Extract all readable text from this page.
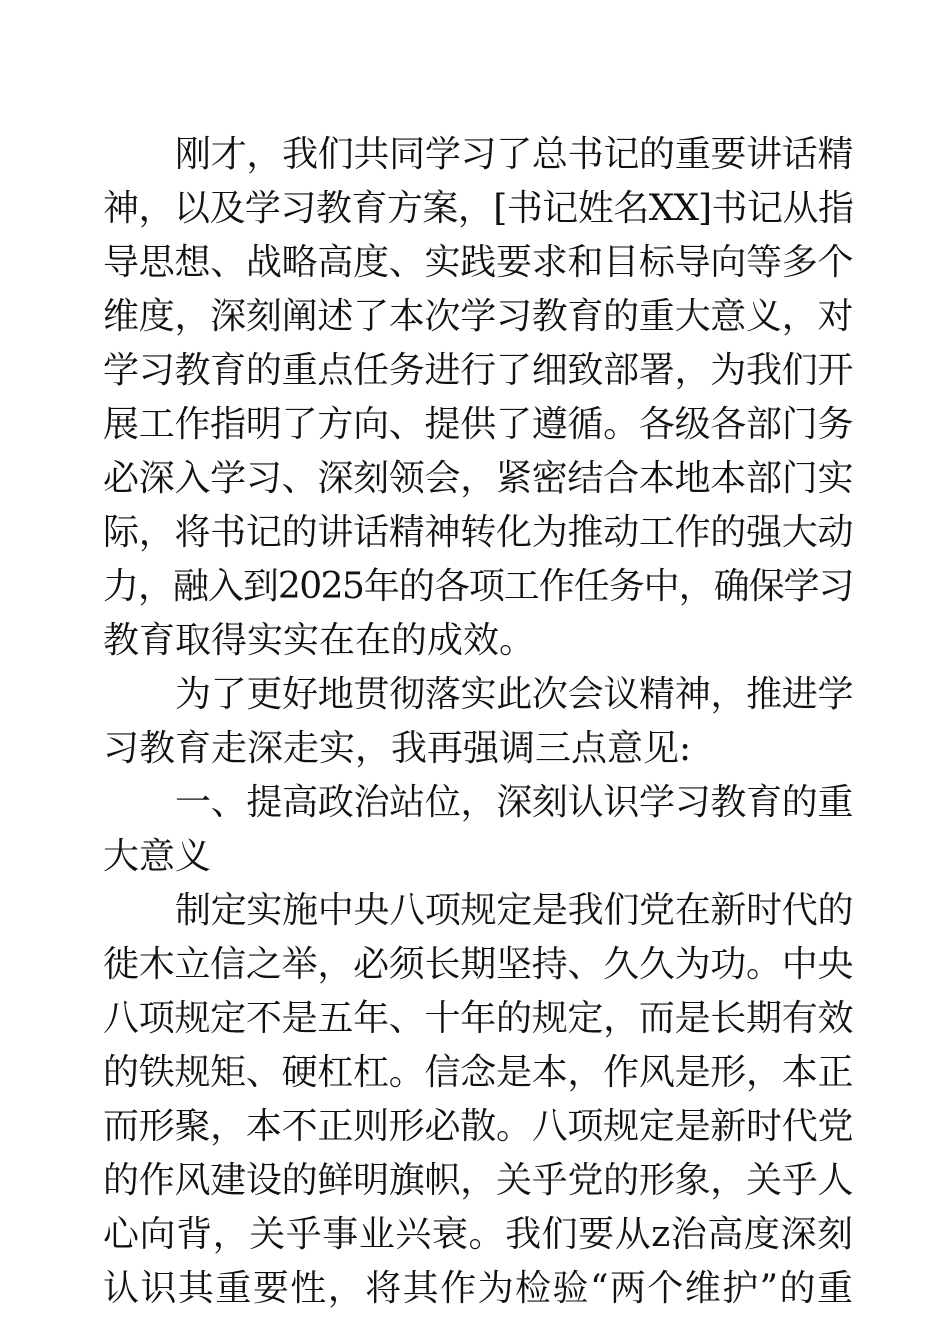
刚才，我们共同学习了总书记的重要讲话精
神，以及学习教育方案，[书记姓名XX]书记从指
导思想、战略高度、实践要求和目标导向等多个
维度，深刻阐述了本次学习教育的重大意义，对
学习教育的重点任务进行了细致部署，为我们开
展工作指明了方向、提供了遵循。各级各部门务
必深入学习、深刻领会，紧密结合本地本部门实
际，将书记的讲话精神转化为推动工作的强大动
力，融入到2025年的各项工作任务中，确保学习
教育取得实实在在的成效。
为了更好地贯彻落实此次会议精神，推进学
习教育走深走实，我再强调三点意见:
一、提高政治站位，深刻认识学习教育的重
大意义
制定实施中央八项规定是我们党在新时代的
徙木立信之举，必须长期坚持、久久为功。中央
八项规定不是五年、十年的规定，而是长期有效
的铁规矩、硬杠杠。信念是本，作风是形，本正
而形聚，本不正则形必散。八项规定是新时代党
的作风建设的鲜明旗帜，关乎党的形象，关乎人
心向背，关乎事业兴衰。我们要从z治高度深刻
认识其重要性，将其作为检验“两个维护”的重
